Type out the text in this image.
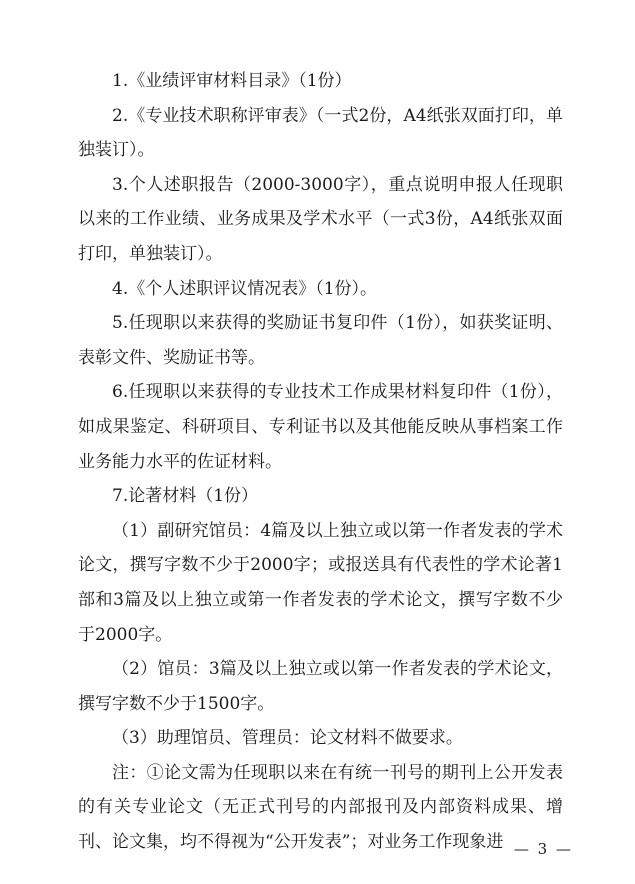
1.《业绩评审材料目录》（1份）

2.《专业技术职称评审表》（一式2份，A4纸张双面打印，单独装订）。

3.个人述职报告（2000-3000字），重点说明申报人任现职以来的工作业绩、业务成果及学术水平（一式3份，A4纸张双面打印，单独装订）。

4.《个人述职评议情况表》（1份）。

5.任现职以来获得的奖励证书复印件（1份），如获奖证明、表彰文件、奖励证书等。

6.任现职以来获得的专业技术工作成果材料复印件（1份），如成果鉴定、科研项目、专利证书以及其他能反映从事档案工作业务能力水平的佐证材料。

7.论著材料（1份）

（1）副研究馆员：4篇及以上独立或以第一作者发表的学术论文，撰写字数不少于2000字；或报送具有代表性的学术论著1部和3篇及以上独立或第一作者发表的学术论文，撰写字数不少于2000字。

（2）馆员：3篇及以上独立或以第一作者发表的学术论文，撰写字数不少于1500字。

（3）助理馆员、管理员：论文材料不做要求。

注：①论文需为任现职以来在有统一刊号的期刊上公开发表的有关专业论文（无正式刊号的内部报刊及内部资料成果、增刊、论文集，均不得视为“公开发表”；对业务工作现象进 — 3 —
